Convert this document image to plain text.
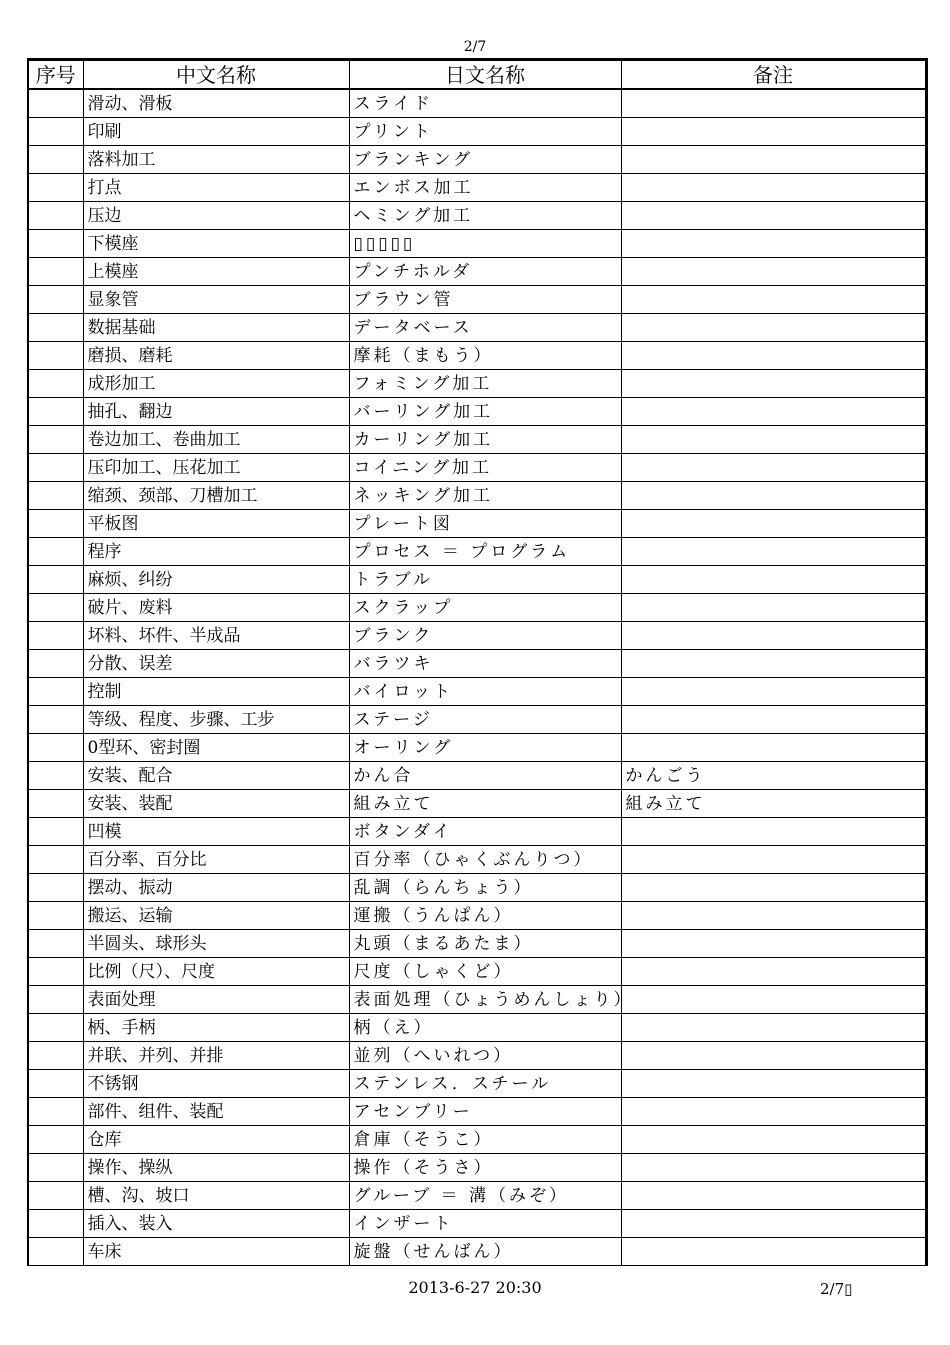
2/7
序号	中文名称	日文名称	备注
	滑动、滑板	スライド	
	印刷	プリント	
	落料加工	ブランキング	
	打点	エンボス加工	
	压边	ヘミング加工	
	下模座	▯▯▯▯▯	
	上模座	プンチホルダ	
	显象管	ブラウン管	
	数据基础	データベース	
	磨损、磨耗	摩耗（まもう）	
	成形加工	フォミング加工	
	抽孔、翻边	バーリング加工	
	卷边加工、卷曲加工	カーリング加工	
	压印加工、压花加工	コイニング加工	
	缩颈、颈部、刀槽加工	ネッキング加工	
	平板图	プレート図	
	程序	プロセス ＝ プログラム	
	麻烦、纠纷	トラブル	
	破片、废料	スクラップ	
	坏料、坏件、半成品	ブランク	
	分散、误差	バラツキ	
	控制	バイロット	
	等级、程度、步骤、工步	ステージ	
	0型环、密封圈	オーリング	
	安装、配合	かん合	かんごう
	安装、装配	組み立て	組み立て
	凹模	ボタンダイ	
	百分率、百分比	百分率（ひゃくぶんりつ）	
	摆动、振动	乱調（らんちょう）	
	搬运、运输	運搬（うんぱん）	
	半圆头、球形头	丸頭（まるあたま）	
	比例（尺）、尺度	尺度（しゃくど）	
	表面处理	表面処理（ひょうめんしょり）	
	柄、手柄	柄（え）	
	并联、并列、并排	並列（へいれつ）	
	不锈钢	ステンレス．スチール	
	部件、组件、装配	アセンブリー	
	仓库	倉庫（そうこ）	
	操作、操纵	操作（そうさ）	
	槽、沟、坡口	グルーブ ＝ 溝（みぞ）	
	插入、装入	インザート	
	车床	旋盤（せんばん）	
2013-6-27 20:30	2/7▯
